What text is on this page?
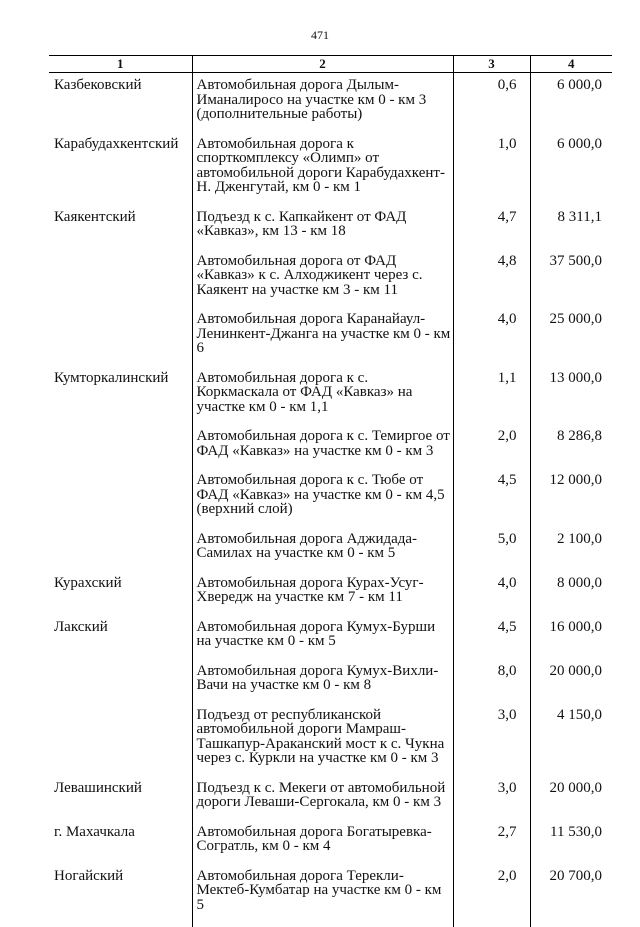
471
1	2	3	4
Казбековский	Автомобильная дорога Дылым-Иманалиросо на участке км 0 - км 3 (дополнительные работы)	0,6	6 000,0
Карабудахкентский	Автомобильная дорога к спорткомплексу «Олимп» от автомобильной дороги Карабудахкент-Н. Дженгутай, км 0 - км 1	1,0	6 000,0
Каякентский	Подъезд к с. Капкайкент от ФАД «Кавказ», км 13 - км 18	4,7	8 311,1
	Автомобильная дорога от ФАД «Кавказ» к с. Алходжикент через с. Каякент на участке км 3 - км 11	4,8	37 500,0
	Автомобильная дорога Каранайаул-Ленинкент-Джанга на участке км 0 - км 6	4,0	25 000,0
Кумторкалинский	Автомобильная дорога к с. Коркмаскала от ФАД «Кавказ» на участке км 0 - км 1,1	1,1	13 000,0
	Автомобильная дорога к с. Темиргое от ФАД «Кавказ» на участке км 0 - км 3	2,0	8 286,8
	Автомобильная дорога к с. Тюбе от ФАД «Кавказ» на участке км 0 - км 4,5 (верхний слой)	4,5	12 000,0
	Автомобильная дорога Аджидада-Самилах на участке км 0 - км 5	5,0	2 100,0
Курахский	Автомобильная дорога Курах-Усуг-Хвередж на участке км 7 - км 11	4,0	8 000,0
Лакский	Автомобильная дорога Кумух-Бурши на участке км 0 - км 5	4,5	16 000,0
	Автомобильная дорога Кумух-Вихли-Вачи на участке км 0 - км 8	8,0	20 000,0
	Подъезд от республиканской автомобильной дороги Мамраш-Ташкапур-Араканский мост к с. Чукна через с. Куркли на участке км 0 - км 3	3,0	4 150,0
Левашинский	Подъезд к с. Мекеги от автомобильной дороги Леваши-Сергокала, км 0 - км 3	3,0	20 000,0
г. Махачкала	Автомобильная дорога Богатыревка-Согратль, км 0 - км 4	2,7	11 530,0
Ногайский	Автомобильная дорога Терекли-Мектеб-Кумбатар на участке км 0 - км 5	2,0	20 700,0
